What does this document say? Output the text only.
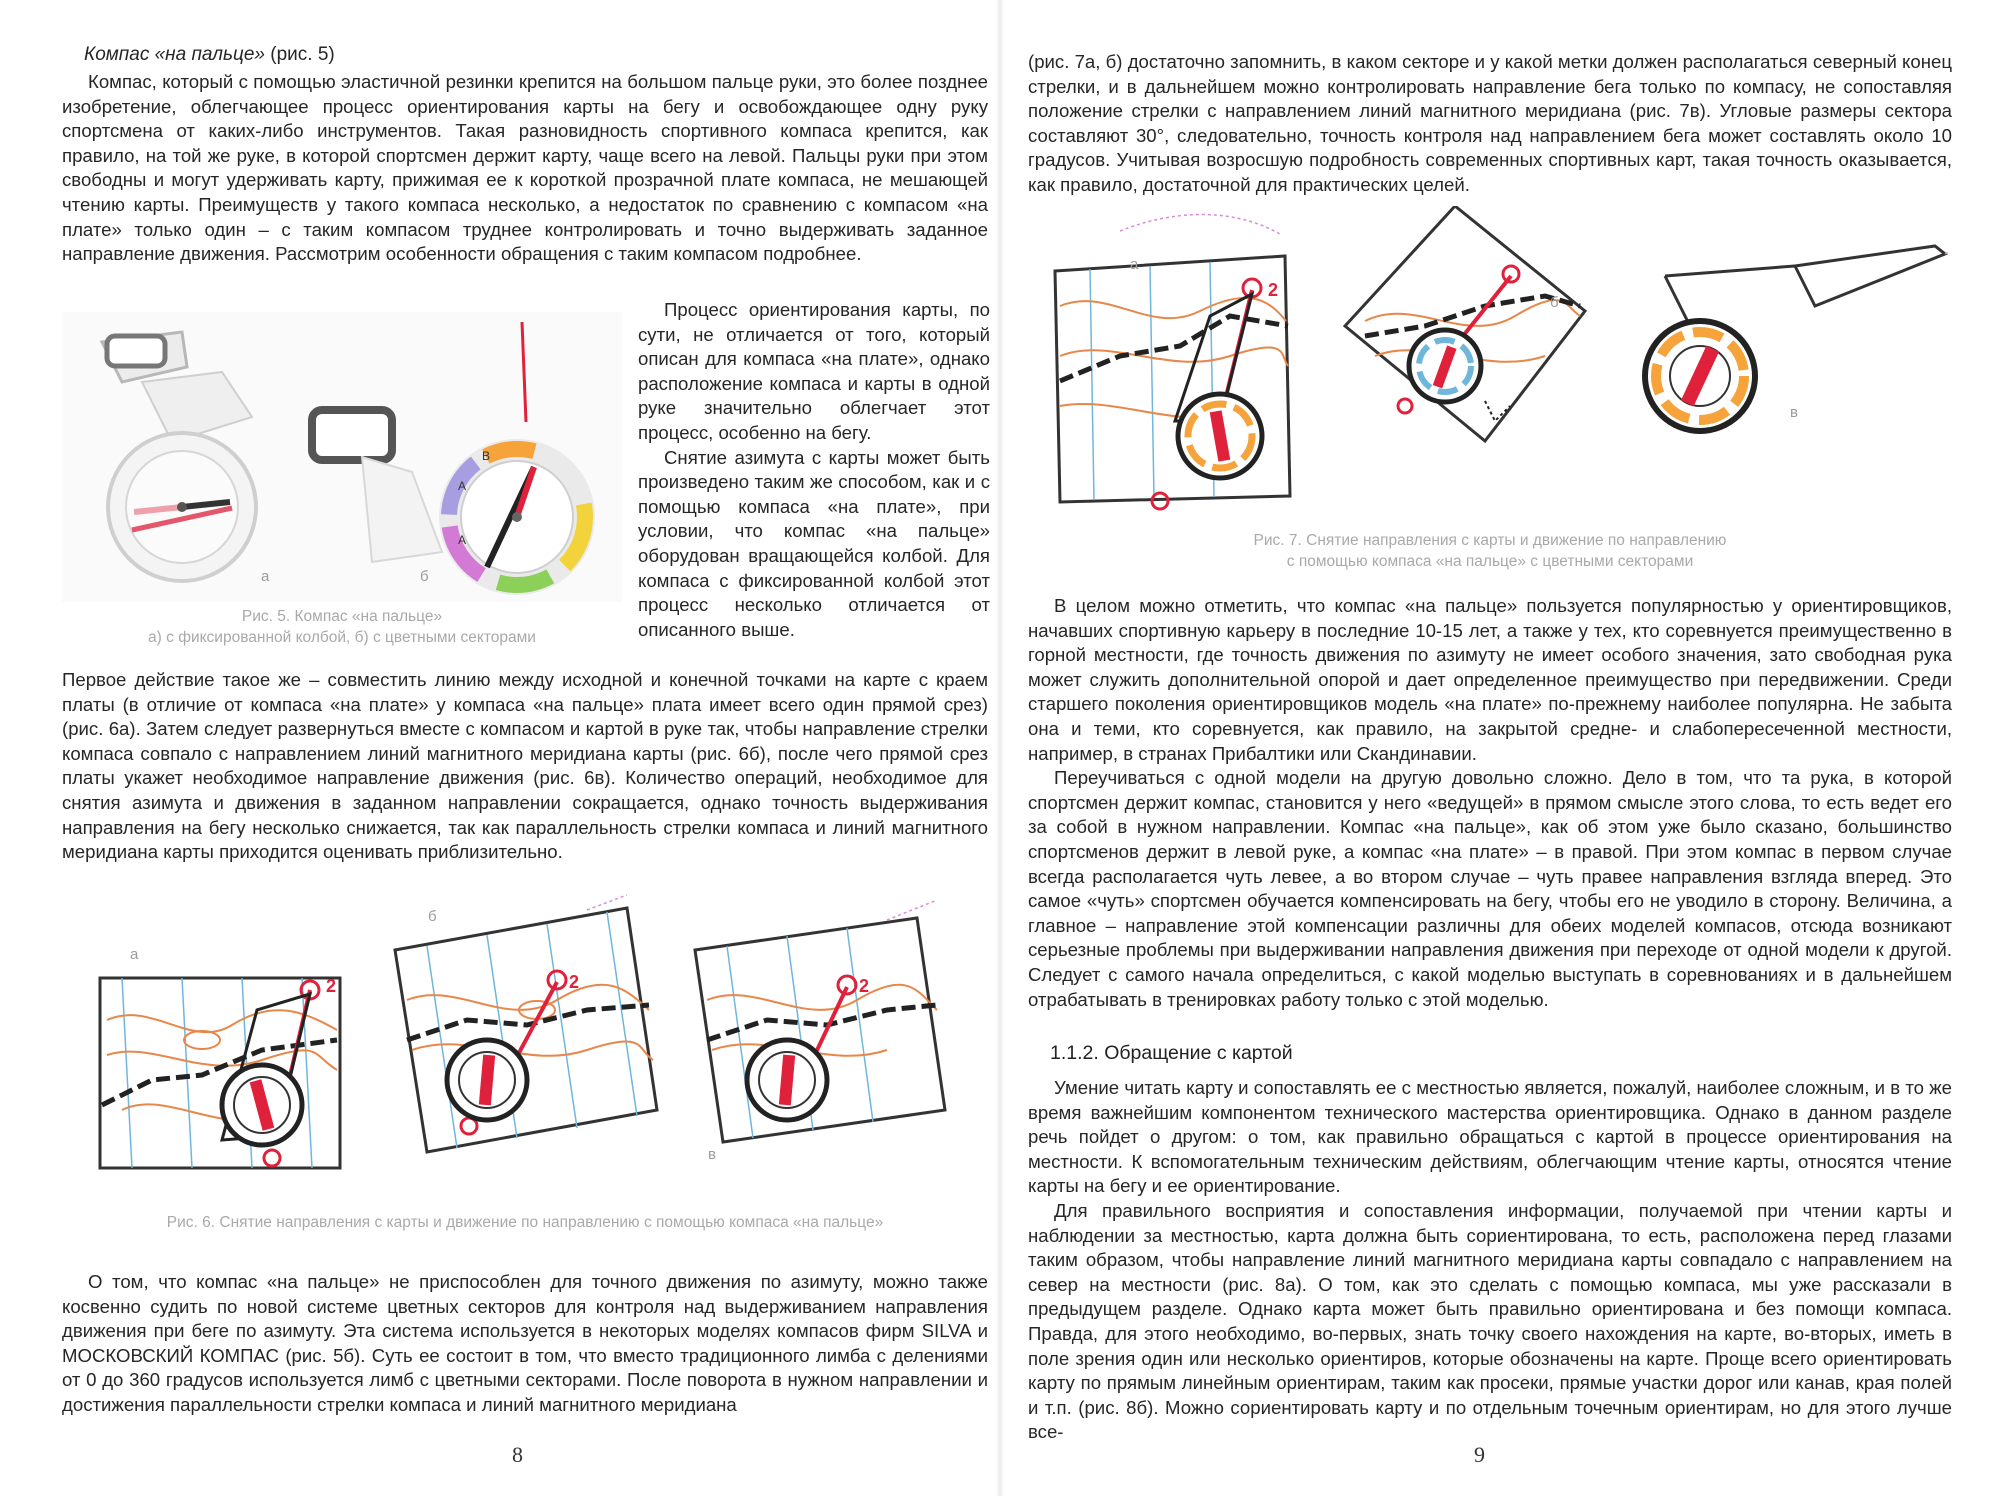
Компас «на пальце» (рис. 5)

Компас, который с помощью эластичной резинки крепится на большом пальце руки, это более позднее изобретение, облегчающее процесс ориентирования карты на бегу и освобождающее одну руку спортсмена от каких-либо инструментов. Такая разновидность спортивного компаса крепится, как правило, на той же руке, в которой спортсмен держит карту, чаще всего на левой. Пальцы руки при этом свободны и могут удерживать карту, прижимая ее к короткой прозрачной плате компаса, не мешающей чтению карты. Преимуществ у такого компаса несколько, а недостаток по сравнению с компасом «на плате» только один – с таким компасом труднее контролировать и точно выдерживать заданное направление движения. Рассмотрим особенности обращения с таким компасом подробнее.

B
A
A
а	б
Рис. 5. Компас «на пальце»
а) с фиксированной колбой, б) с цветными секторами

Процесс ориентирования карты, по сути, не отличается от того, который описан для компаса «на плате», однако расположение компаса и карты в одной руке значительно облегчает этот процесс, особенно на бегу.

Снятие азимута с карты может быть произведено таким же способом, как и с помощью компаса «на плате», при условии, что компас «на пальце» оборудован вращающейся колбой. Для компаса с фиксированной колбой этот процесс несколько отличается от описанного выше.

Первое действие такое же – совместить линию между исходной и конечной точками на карте с краем платы (в отличие от компаса «на плате» у компаса «на пальце» плата имеет всего один прямой срез) (рис. 6а). Затем следует развернуться вместе с компасом и картой в руке так, чтобы направление стрелки компаса совпало с направлением линий магнитного меридиана карты (рис. 6б), после чего прямой срез платы укажет необходимое направление движения (рис. 6в). Количество операций, необходимое для снятия азимута и движения в заданном направлении сокращается, однако точность выдерживания направления на бегу несколько снижается, так как параллельность стрелки компаса и линий магнитного меридиана карты приходится оценивать приблизительно.

2	2	2
а
б
в
Рис. 6. Снятие направления с карты и движение по направлению с помощью компаса «на пальце»

О том, что компас «на пальце» не приспособлен для точного движения по азимуту, можно также косвенно судить по новой системе цветных секторов для контроля над выдерживанием направления движения при беге по азимуту. Эта система используется в некоторых моделях компасов фирм SILVA и МОСКОВСКИЙ КОМПАС (рис. 5б). Суть ее состоит в том, что вместо традиционного лимба с делениями от 0 до 360 градусов используется лимб с цветными секторами. После поворота в нужном направлении и достижения параллельности стрелки компаса и линий магнитного меридиана

8

(рис. 7а, б) достаточно запомнить, в каком секторе и у какой метки должен располагаться северный конец стрелки, и в дальнейшем можно контролировать направление бега только по компасу, не сопоставляя положение стрелки с направлением линий магнитного меридиана (рис. 7в). Угловые размеры сектора составляют 30°, следовательно, точность контроля над направлением бега может составлять около 10 градусов. Учитывая возросшую подробность современных спортивных карт, такая точность оказывается, как правило, достаточной для практических целей.

2
а
б
в
Рис. 7. Снятие направления с карты и движение по направлению
с помощью компаса «на пальце» с цветными секторами

В целом можно отметить, что компас «на пальце» пользуется популярностью у ориентировщиков, начавших спортивную карьеру в последние 10-15 лет, а также у тех, кто соревнуется преимущественно в горной местности, где точность движения по азимуту не имеет особого значения, зато свободная рука может служить дополнительной опорой и дает определенное преимущество при передвижении. Среди старшего поколения ориентировщиков модель «на плате» по-прежнему наиболее популярна. Не забыта она и теми, кто соревнуется, как правило, на закрытой средне- и слабопересеченной местности, например, в странах Прибалтики или Скандинавии.

Переучиваться с одной модели на другую довольно сложно. Дело в том, что та рука, в которой спортсмен держит компас, становится у него «ведущей» в прямом смысле этого слова, то есть ведет его за собой в нужном направлении. Компас «на пальце», как об этом уже было сказано, большинство спортсменов держит в левой руке, а компас «на плате» – в правой. При этом компас в первом случае всегда располагается чуть левее, а во втором случае – чуть правее направления взгляда вперед. Это самое «чуть» спортсмен обучается компенсировать на бегу, чтобы его не уводило в сторону. Величина, а главное – направление этой компенсации различны для обеих моделей компасов, отсюда возникают серьезные проблемы при выдерживании направления движения при переходе от одной модели к другой. Следует с самого начала определиться, с какой моделью выступать в соревнованиях и в дальнейшем отрабатывать в тренировках работу только с этой моделью.

1.1.2. Обращение с картой

Умение читать карту и сопоставлять ее с местностью является, пожалуй, наиболее сложным, и в то же время важнейшим компонентом технического мастерства ориентировщика. Однако в данном разделе речь пойдет о другом: о том, как правильно обращаться с картой в процессе ориентирования на местности. К вспомогательным техническим действиям, облегчающим чтение карты, относятся чтение карты на бегу и ее ориентирование.

Для правильного восприятия и сопоставления информации, получаемой при чтении карты и наблюдении за местностью, карта должна быть сориентирована, то есть, расположена перед глазами таким образом, чтобы направление линий магнитного меридиана карты совпадало с направлением на север на местности (рис. 8а). О том, как это сделать с помощью компаса, мы уже рассказали в предыдущем разделе. Однако карта может быть правильно ориентирована и без помощи компаса. Правда, для этого необходимо, во-первых, знать точку своего нахождения на карте, во-вторых, иметь в поле зрения один или несколько ориентиров, которые обозначены на карте. Проще всего ориентировать карту по прямым линейным ориентирам, таким как просеки, прямые участки дорог или канав, края полей и т.п. (рис. 8б). Можно сориентировать карту и по отдельным точечным ориентирам, но для этого лучше все-

9
